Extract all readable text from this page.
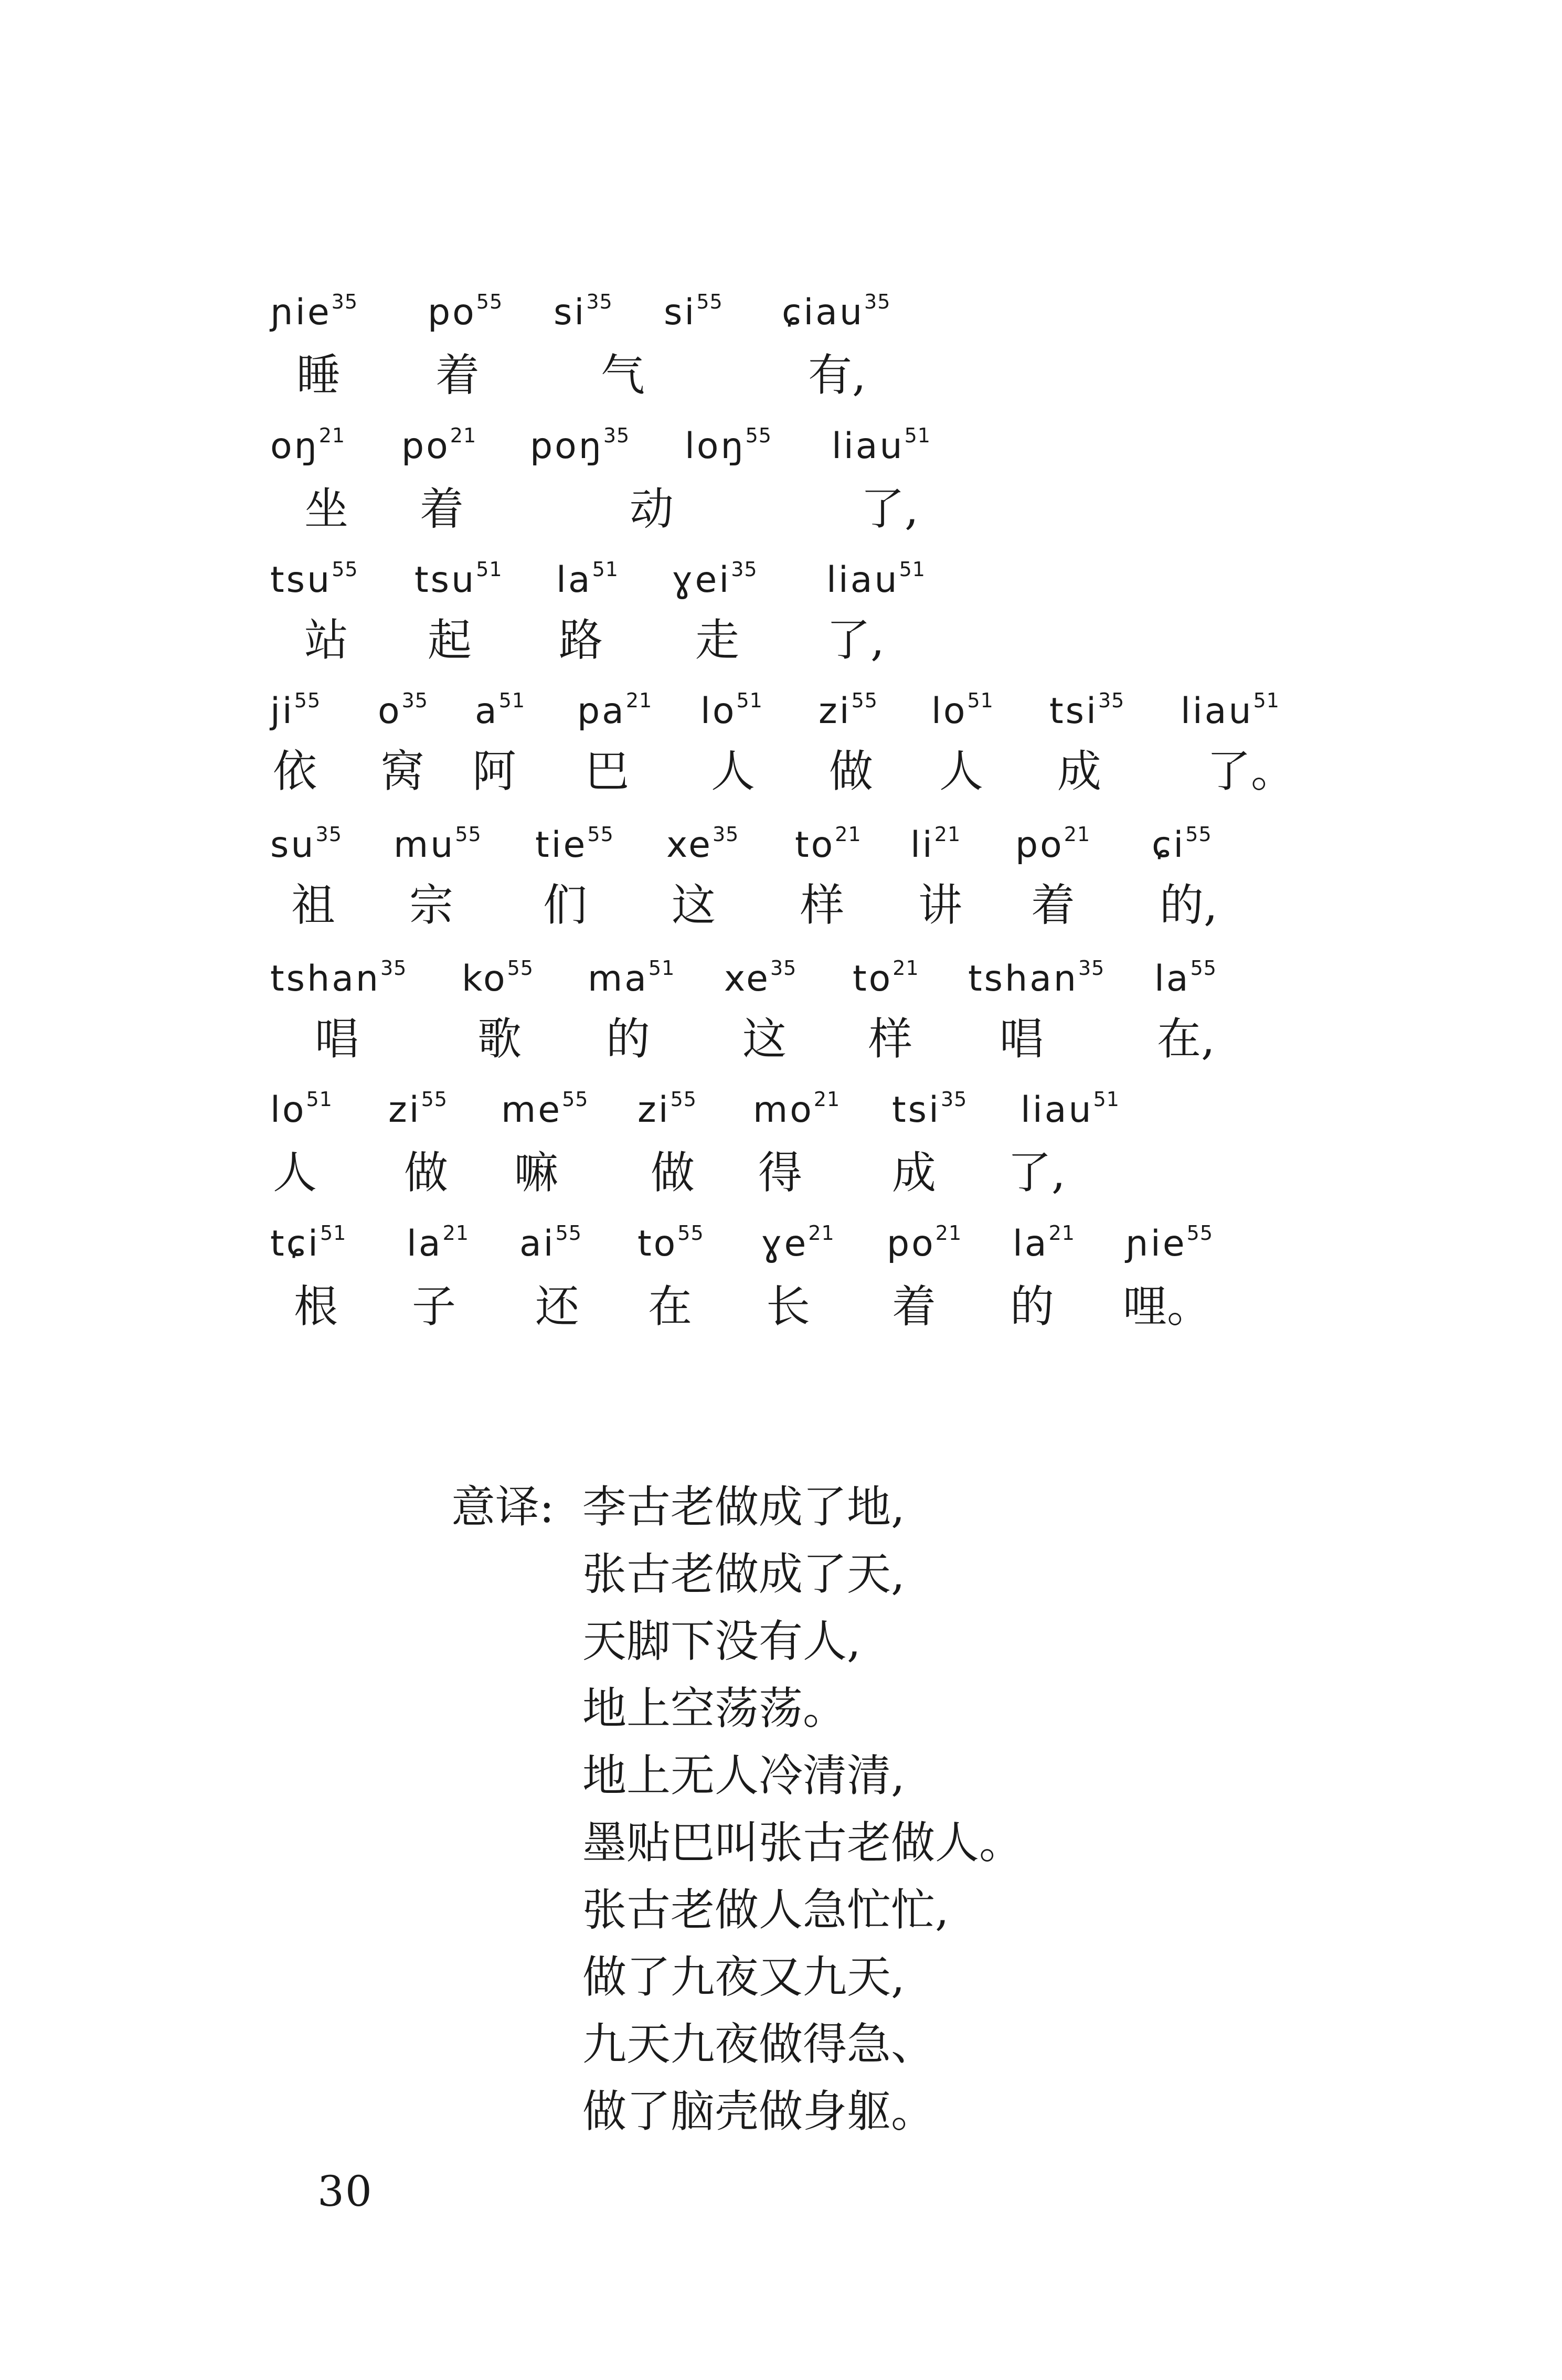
ɲie$^{35}$ $po^{55}$ $si^{35}$ $si^{55}$ ɕiau$^{35}$
睡 着	气	有,
$oŋ^{21}$ $po^{21}$ poŋ$^{35}$ loŋ$^{55}$ liau$^{51}$
坐 着	动	了,
tsu$^{55}$ tsu$^{51}$ $la^{51}$ ɣei$^{35}$ liau$^{51}$
站 起 路 走 了,
$ji^{55}$ $o^{35}$ $a^{51}$ $pa^{21}$ $lo^{51}$ $zi^{55}$ $lo^{51}$ tsi$^{35}$ liau$^{51}$
依 窝 阿 巴 人 做 人 成 了。
$su^{35}$ $mu^{55}$ tie$^{55}$ $xe^{35}$ $to^{21}$ $li^{21}$ $po^{21}$ ɕi$^{55}$
祖 宗 们 这 样 讲 着 的,
tshan$^{35}$ $ko^{55}$ $ma^{51}$ $xe^{35}$ $to^{21}$ tshan$^{35}$ $la^{55}$
唱	歌 的 这 样 唱	在,
$lo^{51}$ $zi^{55}$ $me^{55}$ $zi^{55}$ $mo^{21}$ tsi$^{35}$ liau$^{51}$
人 做 嘛 做 得 成 了,
tɕi$^{51}$ $la^{21}$ $ai^{55}$ $to^{55}$ ɣe$^{21}$ $po^{21}$ $la^{21}$ ɲie$^{55}$
根 子 还 在 长 着 的 哩。
意译: 李古老做成了地,
张古老做成了天,
天脚下没有人,
地上空荡荡。
地上无人冷清清,
墨贴巴叫张古老做人。
张古老做人急忙忙,
做了九夜又九天,
九天九夜做得急、
做了脑壳做身躯。
30
